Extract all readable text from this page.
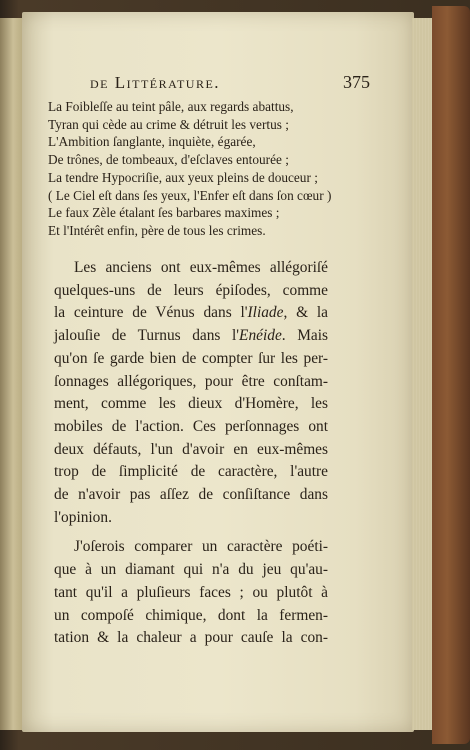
de Littérature.	375
La Foibleſſe au teint pâle, aux regards abattus,
Tyran qui cède au crime & détruit les vertus ;
L'Ambition ſanglante, inquiète, égarée,
De trônes, de tombeaux, d'eſclaves entourée ;
La tendre Hypocriſie, aux yeux pleins de douceur ;
( Le Ciel eſt dans ſes yeux, l'Enfer eſt dans ſon cœur )
Le faux Zèle étalant ſes barbares maximes ;
Et l'Intérêt enfin, père de tous les crimes.
Les anciens ont eux-mêmes allégoriſé
quelques-uns de leurs épiſodes, comme
la ceinture de Vénus dans l'Iliade, & la
jalouſie de Turnus dans l'Enéide. Mais
qu'on ſe garde bien de compter ſur les per-
ſonnages allégoriques, pour être conſtam-
ment, comme les dieux d'Homère, les
mobiles de l'action. Ces perſonnages ont
deux défauts, l'un d'avoir en eux-mêmes
trop de ſimplicité de caractère, l'autre
de n'avoir pas aſſez de conſiſtance dans
l'opinion.
J'oſerois comparer un caractère poéti-
que à un diamant qui n'a du jeu qu'au-
tant qu'il a pluſieurs faces ; ou plutôt à
un compoſé chimique, dont la fermen-
tation & la chaleur a pour cauſe la con-
